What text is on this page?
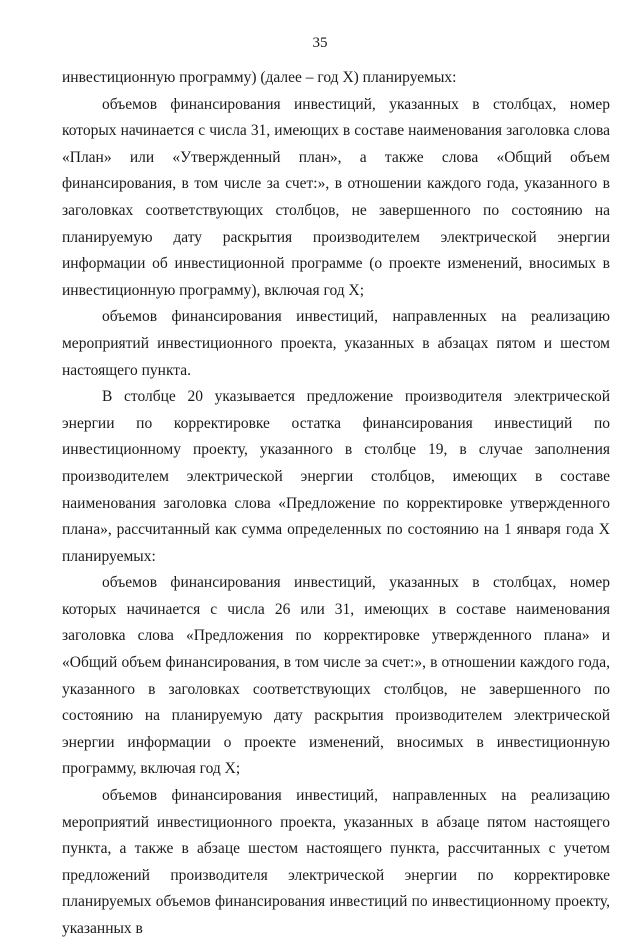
35

инвестиционную программу) (далее – год X) планируемых:

объемов финансирования инвестиций, указанных в столбцах, номер которых начинается с числа 31, имеющих в составе наименования заголовка слова «План» или «Утвержденный план», а также слова «Общий объем финансирования, в том числе за счет:», в отношении каждого года, указанного в заголовках соответствующих столбцов, не завершенного по состоянию на планируемую дату раскрытия производителем электрической энергии информации об инвестиционной программе (о проекте изменений, вносимых в инвестиционную программу), включая год X;

объемов финансирования инвестиций, направленных на реализацию мероприятий инвестиционного проекта, указанных в абзацах пятом и шестом настоящего пункта.

В столбце 20 указывается предложение производителя электрической энергии по корректировке остатка финансирования инвестиций по инвестиционному проекту, указанного в столбце 19, в случае заполнения производителем электрической энергии столбцов, имеющих в составе наименования заголовка слова «Предложение по корректировке утвержденного плана», рассчитанный как сумма определенных по состоянию на 1 января года X планируемых:

объемов финансирования инвестиций, указанных в столбцах, номер которых начинается с числа 26 или 31, имеющих в составе наименования заголовка слова «Предложения по корректировке утвержденного плана» и «Общий объем финансирования, в том числе за счет:», в отношении каждого года, указанного в заголовках соответствующих столбцов, не завершенного по состоянию на планируемую дату раскрытия производителем электрической энергии информации о проекте изменений, вносимых в инвестиционную программу, включая год X;

объемов финансирования инвестиций, направленных на реализацию мероприятий инвестиционного проекта, указанных в абзаце пятом настоящего пункта, а также в абзаце шестом настоящего пункта, рассчитанных с учетом предложений производителя электрической энергии по корректировке планируемых объемов финансирования инвестиций по инвестиционному проекту, указанных в
